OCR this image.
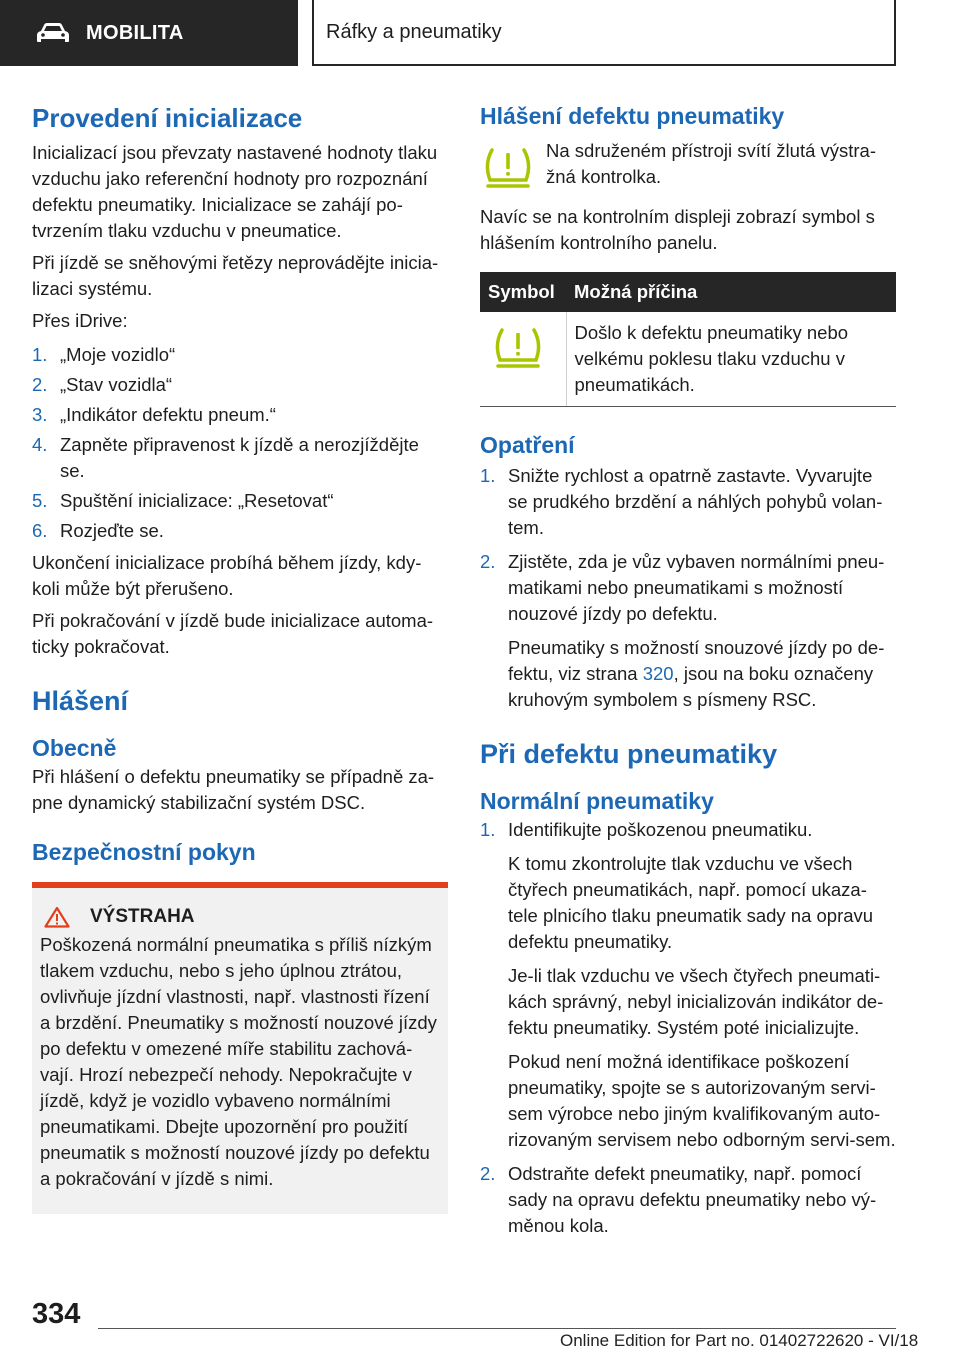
MOBILITA	Ráfky a pneumatiky
Provedení inicializace

Inicializací jsou převzaty nastavené hodnoty tlaku vzduchu jako referenční hodnoty pro rozpoznání defektu pneumatiky. Inicializace se zahájí po-tvrzením tlaku vzduchu v pneumatice.

Při jízdě se sněhovými řetězy neprovádějte inicia-lizaci systému.

Přes iDrive:

1. „Moje vozidlo“
2. „Stav vozidla“
3. „Indikátor defektu pneum.“
4. Zapněte připravenost k jízdě a nerozjíždějte se.
5. Spuštění inicializace: „Resetovat“
6. Rozjeďte se.

Ukončení inicializace probíhá během jízdy, kdy-koli může být přerušeno.

Při pokračování v jízdě bude inicializace automa-ticky pokračovat.

Hlášení
Obecně

Při hlášení o defektu pneumatiky se případně za-pne dynamický stabilizační systém DSC.

Bezpečnostní pokyn
VÝSTRAHA

Poškozená normální pneumatika s příliš nízkým tlakem vzduchu, nebo s jeho úplnou ztrátou, ovlivňuje jízdní vlastnosti, např. vlastnosti řízení a brzdění. Pneumatiky s možností nouzové jízdy po defektu v omezené míře stabilitu zachová-vají. Hrozí nebezpečí nehody. Nepokračujte v jízdě, když je vozidlo vybaveno normálními pneumatikami. Dbejte upozornění pro použití pneumatik s možností nouzové jízdy po defektu a pokračování v jízdě s nimi.

Hlášení defektu pneumatiky

Na sdruženém přístroji svítí žlutá výstra-žná kontrolka.

Navíc se na kontrolním displeji zobrazí symbol s hlášením kontrolního panelu.

Symbol	Možná příčina
	Došlo k defektu pneumatiky nebo velkému poklesu tlaku vzduchu v pneumatikách.
Opatření
1. Snižte rychlost a opatrně zastavte. Vyvarujte se prudkého brzdění a náhlých pohybů volan-tem.
2. Zjistěte, zda je vůz vybaven normálními pneu-matikami nebo pneumatikami s možností nouzové jízdy po defektu.
Pneumatiky s možností snouzové jízdy po de-fektu, viz strana 320, jsou na boku označeny kruhovým symbolem s písmeny RSC.
Při defektu pneumatiky
Normální pneumatiky
1. Identifikujte poškozenou pneumatiku.
K tomu zkontrolujte tlak vzduchu ve všech čtyřech pneumatikách, např. pomocí ukaza-tele plnicího tlaku pneumatik sady na opravu defektu pneumatiky.
Je-li tlak vzduchu ve všech čtyřech pneumati-kách správný, nebyl inicializován indikátor de-fektu pneumatiky. Systém poté inicializujte.
Pokud není možná identifikace poškození pneumatiky, spojte se s autorizovaným servi-sem výrobce nebo jiným kvalifikovaným auto-rizovaným servisem nebo odborným servi-sem.
2. Odstraňte defekt pneumatiky, např. pomocí sady na opravu defektu pneumatiky nebo vý-měnou kola.
334
Online Edition for Part no. 01402722620 - VI/18
